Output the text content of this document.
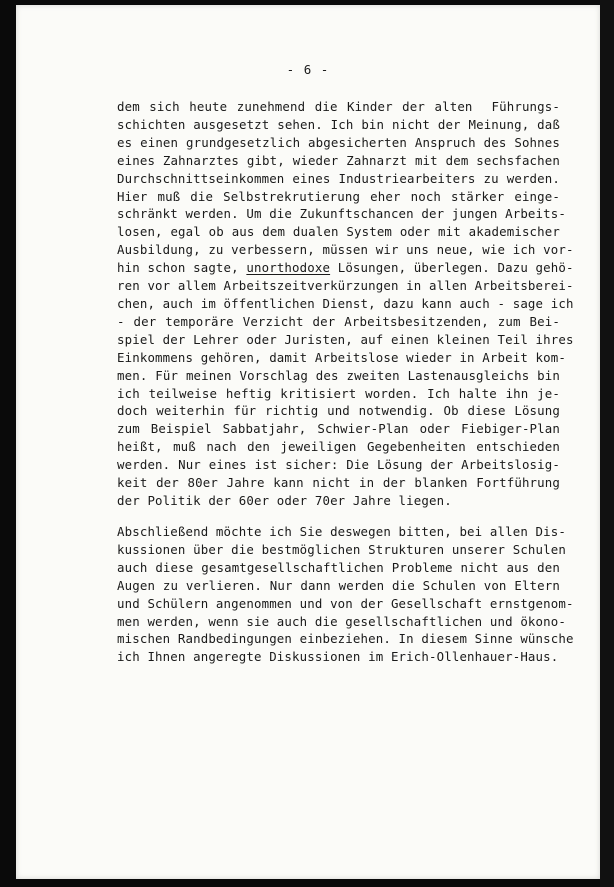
- 6 -
dem sich heute zunehmend die Kinder der alten  Führungs-
schichten ausgesetzt sehen. Ich bin nicht der Meinung, daß
es einen grundgesetzlich abgesicherten Anspruch des Sohnes
eines Zahnarztes gibt, wieder Zahnarzt mit dem sechsfachen
Durchschnittseinkommen eines Industriearbeiters zu werden.
Hier muß die Selbstrekrutierung eher noch stärker einge-
schränkt werden. Um die Zukunftschancen der jungen Arbeits-
losen, egal ob aus dem dualen System oder mit akademischer
Ausbildung, zu verbessern, müssen wir uns neue, wie ich vor-
hin schon sagte, unorthodoxe Lösungen, überlegen. Dazu gehö-
ren vor allem Arbeitszeitverkürzungen in allen Arbeitsberei-
chen, auch im öffentlichen Dienst, dazu kann auch - sage ich
- der temporäre Verzicht der Arbeitsbesitzenden, zum Bei-
spiel der Lehrer oder Juristen, auf einen kleinen Teil ihres
Einkommens gehören, damit Arbeitslose wieder in Arbeit kom-
men. Für meinen Vorschlag des zweiten Lastenausgleichs bin
ich teilweise heftig kritisiert worden. Ich halte ihn je-
doch weiterhin für richtig und notwendig. Ob diese Lösung
zum Beispiel Sabbatjahr, Schwier-Plan oder Fiebiger-Plan
heißt, muß nach den jeweiligen Gegebenheiten entschieden
werden. Nur eines ist sicher: Die Lösung der Arbeitslosig-
keit der 80er Jahre kann nicht in der blanken Fortführung
der Politik der 60er oder 70er Jahre liegen.
Abschließend möchte ich Sie deswegen bitten, bei allen Dis-
kussionen über die bestmöglichen Strukturen unserer Schulen
auch diese gesamtgesellschaftlichen Probleme nicht aus den
Augen zu verlieren. Nur dann werden die Schulen von Eltern
und Schülern angenommen und von der Gesellschaft ernstgenom-
men werden, wenn sie auch die gesellschaftlichen und ökono-
mischen Randbedingungen einbeziehen. In diesem Sinne wünsche
ich Ihnen angeregte Diskussionen im Erich-Ollenhauer-Haus.
